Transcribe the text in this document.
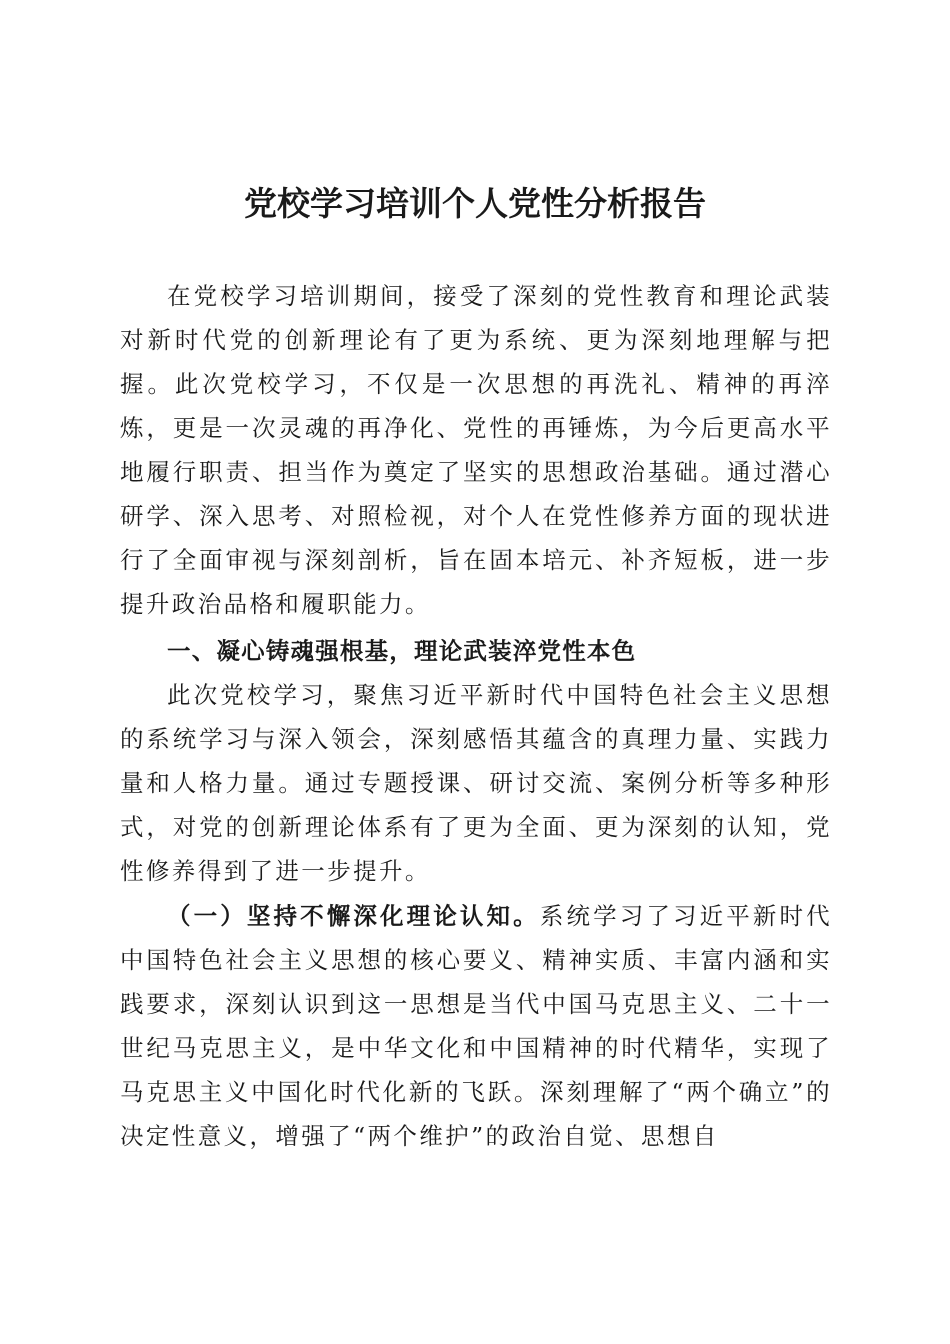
党校学习培训个人党性分析报告

在党校学习培训期间，接受了深刻的党性教育和理论武装对新时代党的创新理论有了更为系统、更为深刻地理解与把握。此次党校学习，不仅是一次思想的再洗礼、精神的再淬炼，更是一次灵魂的再净化、党性的再锤炼，为今后更高水平地履行职责、担当作为奠定了坚实的思想政治基础。通过潜心研学、深入思考、对照检视，对个人在党性修养方面的现状进行了全面审视与深刻剖析，旨在固本培元、补齐短板，进一步提升政治品格和履职能力。

一、凝心铸魂强根基，理论武装淬党性本色

此次党校学习，聚焦习近平新时代中国特色社会主义思想的系统学习与深入领会，深刻感悟其蕴含的真理力量、实践力量和人格力量。通过专题授课、研讨交流、案例分析等多种形式，对党的创新理论体系有了更为全面、更为深刻的认知，党性修养得到了进一步提升。

（一）坚持不懈深化理论认知。系统学习了习近平新时代中国特色社会主义思想的核心要义、精神实质、丰富内涵和实践要求，深刻认识到这一思想是当代中国马克思主义、二十一世纪马克思主义，是中华文化和中国精神的时代精华，实现了马克思主义中国化时代化新的飞跃。深刻理解了“两个确立”的决定性意义，增强了“两个维护”的政治自觉、思想自
